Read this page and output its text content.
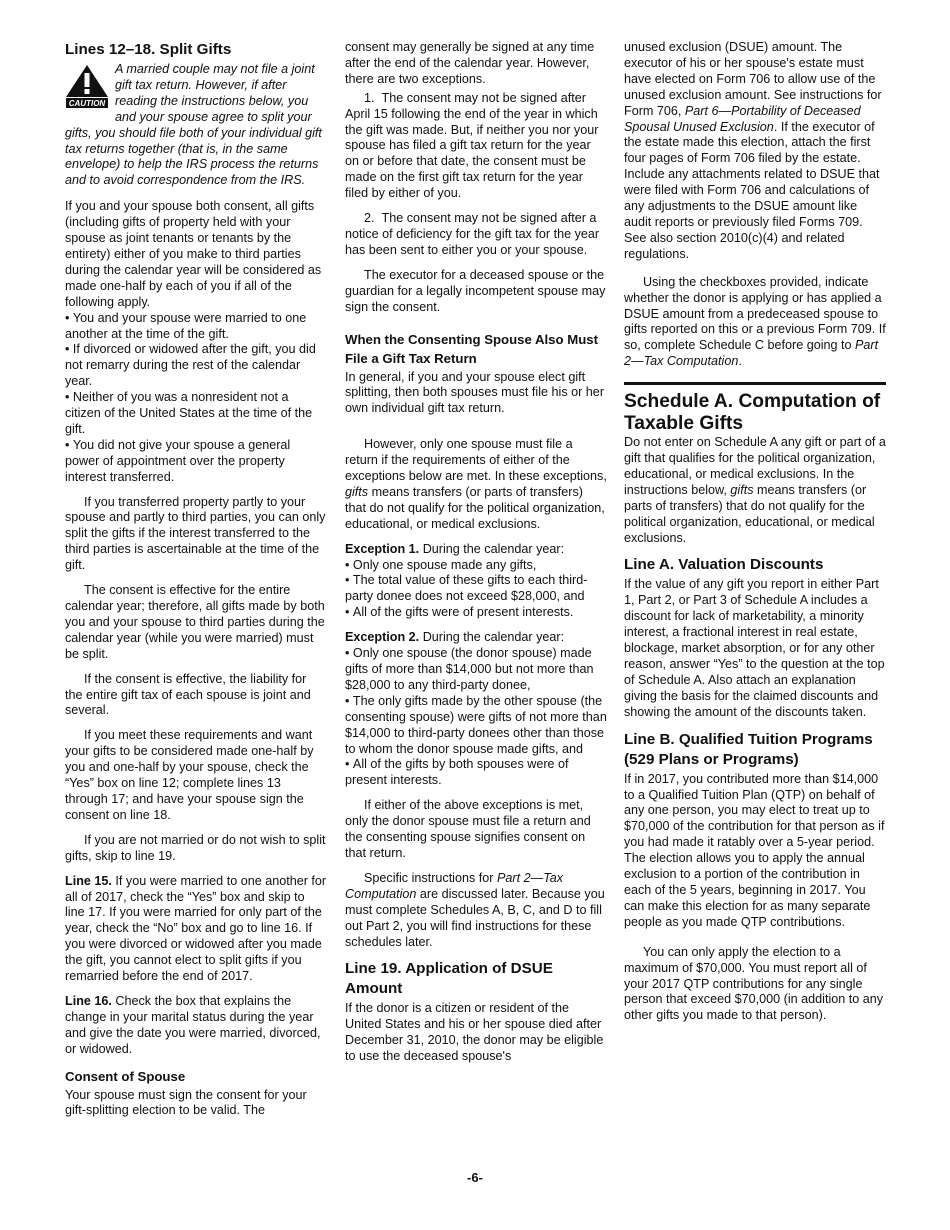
Lines 12–18. Split Gifts
CAUTION
A married couple may not file a joint gift tax return. However, if after reading the instructions below, you and your spouse agree to split your gifts, you should file both of your individual gift tax returns together (that is, in the same envelope) to help the IRS process the returns and to avoid correspondence from the IRS.

If you and your spouse both consent, all gifts (including gifts of property held with your spouse as joint tenants or tenants by the entirety) either of you make to third parties during the calendar year will be considered as made one-half by each of you if all of the following apply.

• You and your spouse were married to one another at the time of the gift.
• If divorced or widowed after the gift, you did not remarry during the rest of the calendar year.
• Neither of you was a nonresident not a citizen of the United States at the time of the gift.
• You did not give your spouse a general power of appointment over the property interest transferred.

If you transferred property partly to your spouse and partly to third parties, you can only split the gifts if the interest transferred to the third parties is ascertainable at the time of the gift.

The consent is effective for the entire calendar year; therefore, all gifts made by both you and your spouse to third parties during the calendar year (while you were married) must be split.

If the consent is effective, the liability for the entire gift tax of each spouse is joint and several.

If you meet these requirements and want your gifts to be considered made one-half by you and one-half by your spouse, check the “Yes” box on line 12; complete lines 13 through 17; and have your spouse sign the consent on line 18.

If you are not married or do not wish to split gifts, skip to line 19.

Line 15. If you were married to one another for all of 2017, check the “Yes” box and skip to line 17. If you were married for only part of the year, check the “No” box and go to line 16. If you were divorced or widowed after you made the gift, you cannot elect to split gifts if you remarried before the end of 2017.

Line 16. Check the box that explains the change in your marital status during the year and give the date you were married, divorced, or widowed.

Consent of Spouse

Your spouse must sign the consent for your gift-splitting election to be valid. The

consent may generally be signed at any time after the end of the calendar year. However, there are two exceptions.

1.  The consent may not be signed after April 15 following the end of the year in which the gift was made. But, if neither you nor your spouse has filed a gift tax return for the year on or before that date, the consent must be made on the first gift tax return for the year filed by either of you.

2.  The consent may not be signed after a notice of deficiency for the gift tax for the year has been sent to either you or your spouse.

The executor for a deceased spouse or the guardian for a legally incompetent spouse may sign the consent.

When the Consenting Spouse Also Must File a Gift Tax Return

In general, if you and your spouse elect gift splitting, then both spouses must file his or her own individual gift tax return.

However, only one spouse must file a return if the requirements of either of the exceptions below are met. In these exceptions, gifts means transfers (or parts of transfers) that do not qualify for the political organization, educational, or medical exclusions.

Exception 1. During the calendar year:
• Only one spouse made any gifts,
• The total value of these gifts to each third-party donee does not exceed $28,000, and
• All of the gifts were of present interests.
Exception 2. During the calendar year:
• Only one spouse (the donor spouse) made gifts of more than $14,000 but not more than $28,000 to any third-party donee,
• The only gifts made by the other spouse (the consenting spouse) were gifts of not more than $14,000 to third-party donees other than those to whom the donor spouse made gifts, and
• All of the gifts by both spouses were of present interests.

If either of the above exceptions is met, only the donor spouse must file a return and the consenting spouse signifies consent on that return.

Specific instructions for Part 2—Tax Computation are discussed later. Because you must complete Schedules A, B, C, and D to fill out Part 2, you will find instructions for these schedules later.

Line 19. Application of DSUE Amount

If the donor is a citizen or resident of the United States and his or her spouse died after December 31, 2010, the donor may be eligible to use the deceased spouse's

unused exclusion (DSUE) amount. The executor of his or her spouse's estate must have elected on Form 706 to allow use of the unused exclusion amount. See instructions for Form 706, Part 6—Portability of Deceased Spousal Unused Exclusion. If the executor of the estate made this election, attach the first four pages of Form 706 filed by the estate. Include any attachments related to DSUE that were filed with Form 706 and calculations of any adjustments to the DSUE amount like audit reports or previously filed Forms 709. See also section 2010(c)(4) and related regulations.

Using the checkboxes provided, indicate whether the donor is applying or has applied a DSUE amount from a predeceased spouse to gifts reported on this or a previous Form 709. If so, complete Schedule C before going to Part 2—Tax Computation.

Schedule A. Computation of Taxable Gifts

Do not enter on Schedule A any gift or part of a gift that qualifies for the political organization, educational, or medical exclusions. In the instructions below, gifts means transfers (or parts of transfers) that do not qualify for the political organization, educational, or medical exclusions.

Line A. Valuation Discounts

If the value of any gift you report in either Part 1, Part 2, or Part 3 of Schedule A includes a discount for lack of marketability, a minority interest, a fractional interest in real estate, blockage, market absorption, or for any other reason, answer “Yes” to the question at the top of Schedule A. Also attach an explanation giving the basis for the claimed discounts and showing the amount of the discounts taken.

Line B. Qualified Tuition Programs (529 Plans or Programs)

If in 2017, you contributed more than $14,000 to a Qualified Tuition Plan (QTP) on behalf of any one person, you may elect to treat up to $70,000 of the contribution for that person as if you had made it ratably over a 5-year period. The election allows you to apply the annual exclusion to a portion of the contribution in each of the 5 years, beginning in 2017. You can make this election for as many separate people as you made QTP contributions.

You can only apply the election to a maximum of $70,000. You must report all of your 2017 QTP contributions for any single person that exceed $70,000 (in addition to any other gifts you made to that person).

-6-
